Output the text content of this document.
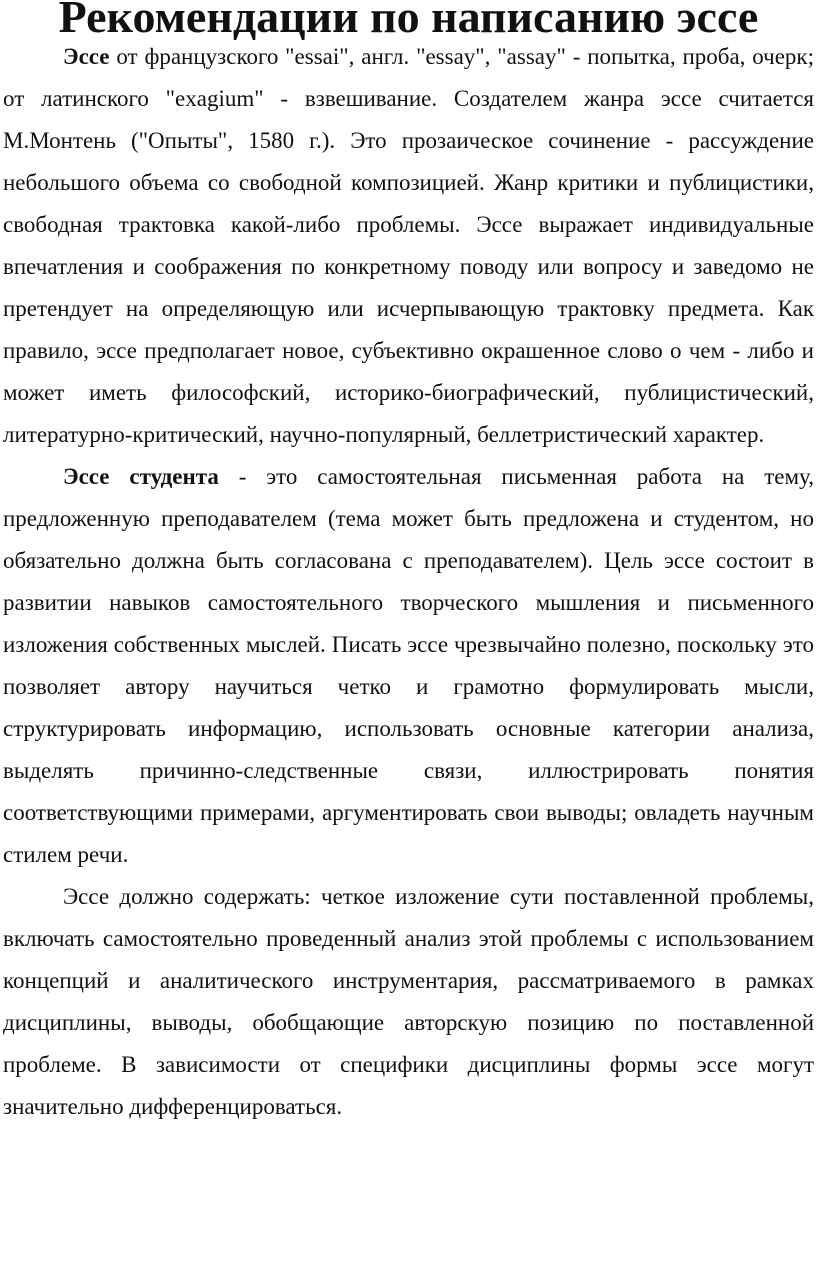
Рекомендации по написанию эссе

Эссе от французского "essai", англ. "essay", "assay" - попытка, проба, очерк; от латинского "exagium" - взвешивание. Создателем жанра эссе считается М.Монтень ("Опыты", 1580 г.). Это прозаическое сочинение - рассуждение небольшого объема со свободной композицией. Жанр критики и публицистики, свободная трактовка какой-либо проблемы. Эссе выражает индивидуальные впечатления и соображения по конкретному поводу или вопросу и заведомо не претендует на определяющую или исчерпывающую трактовку предмета. Как правило, эссе предполагает новое, субъективно окрашенное слово о чем - либо и может иметь философский, историко-биографический, публицистический, литературно-критический, научно-популярный, беллетристический характер.

Эссе студента - это самостоятельная письменная работа на тему, предложенную преподавателем (тема может быть предложена и студентом, но обязательно должна быть согласована с преподавателем). Цель эссе состоит в развитии навыков самостоятельного творческого мышления и письменного изложения собственных мыслей. Писать эссе чрезвычайно полезно, поскольку это позволяет автору научиться четко и грамотно формулировать мысли, структурировать информацию, использовать основные категории анализа, выделять причинно-следственные связи, иллюстрировать понятия соответствующими примерами, аргументировать свои выводы; овладеть научным стилем речи.

Эссе должно содержать: четкое изложение сути поставленной проблемы, включать самостоятельно проведенный анализ этой проблемы с использованием концепций и аналитического инструментария, рассматриваемого в рамках дисциплины, выводы, обобщающие авторскую позицию по поставленной проблеме. В зависимости от специфики дисциплины формы эссе могут значительно дифференцироваться.
